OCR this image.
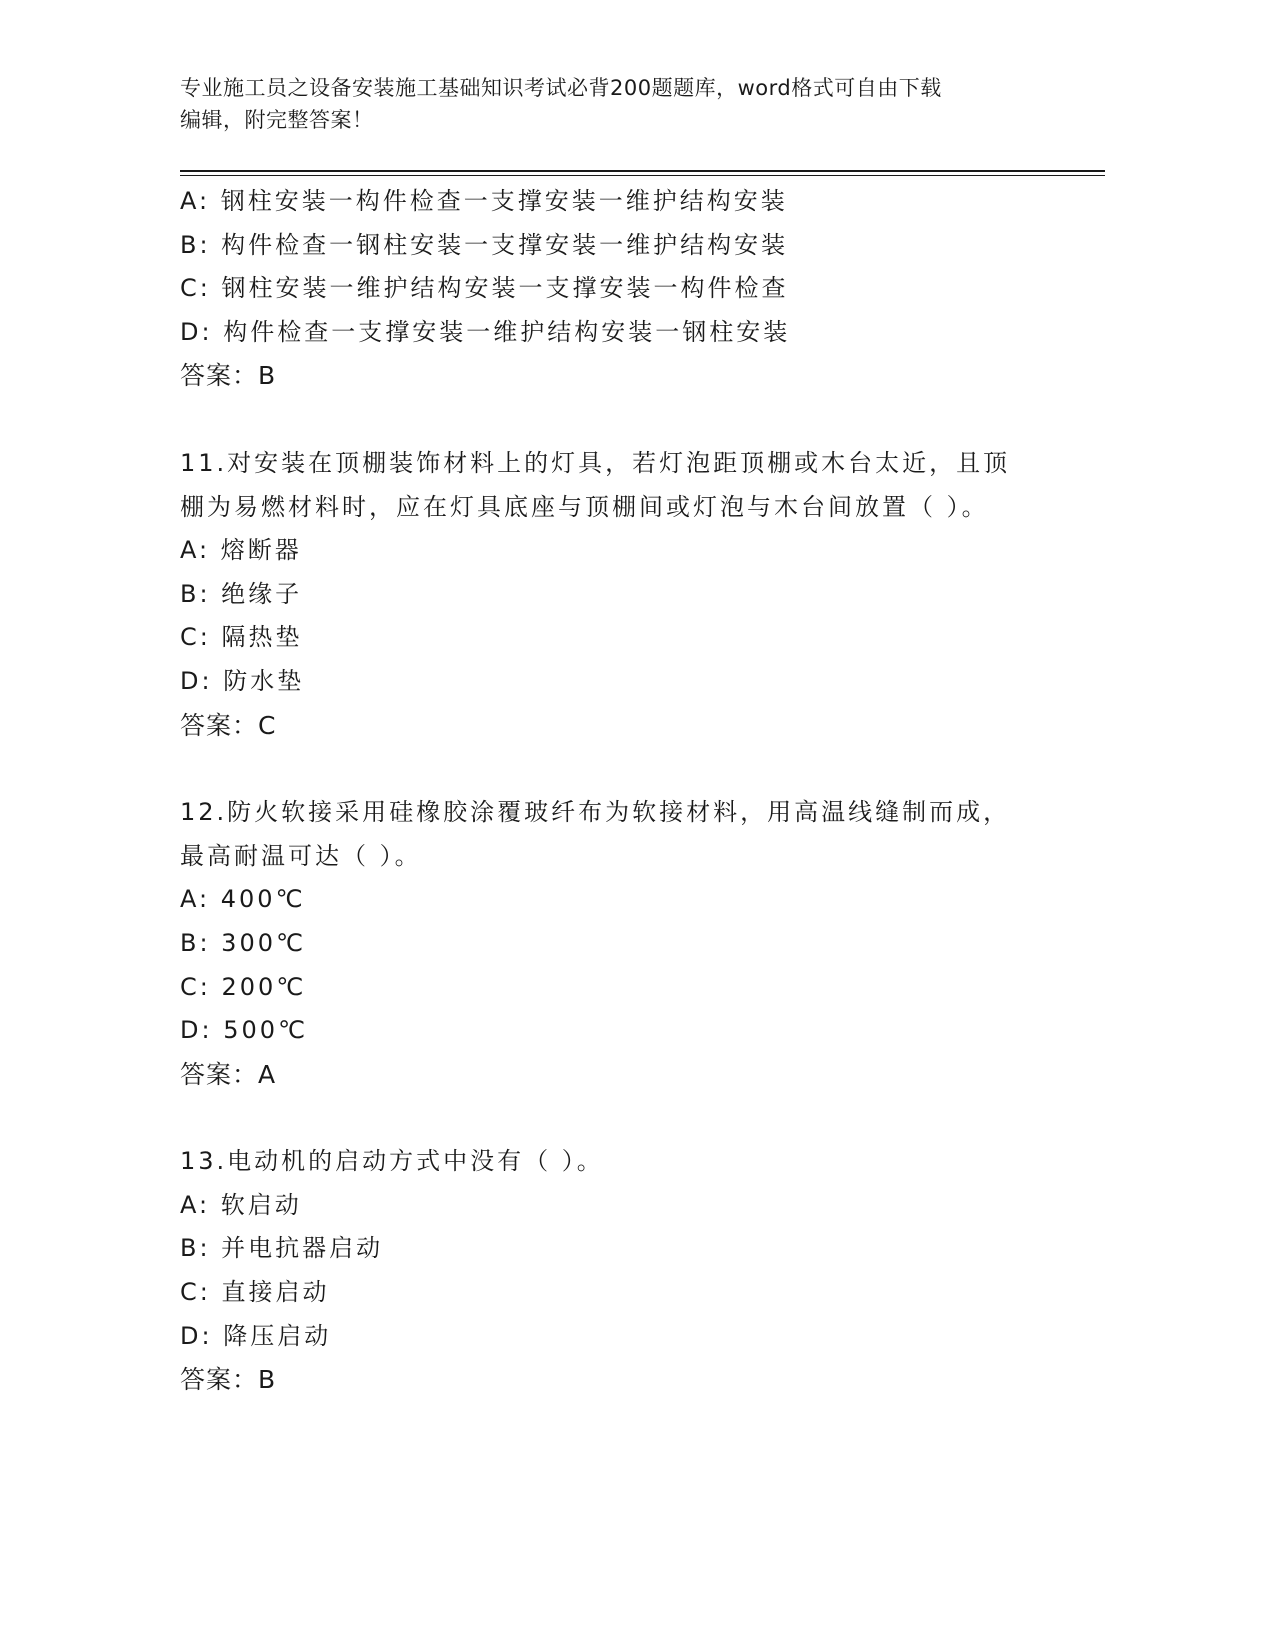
专业施工员之设备安装施工基础知识考试必背200题题库，word格式可自由下载
编辑，附完整答案！
A: 钢柱安装一构件检查一支撑安装一维护结构安装
B: 构件检查一钢柱安装一支撑安装一维护结构安装
C: 钢柱安装一维护结构安装一支撑安装一构件检查
D: 构件检查一支撑安装一维护结构安装一钢柱安装
答案：B
11.对安装在顶棚装饰材料上的灯具，若灯泡距顶棚或木台太近，且顶
棚为易燃材料时，应在灯具底座与顶棚间或灯泡与木台间放置（ ）。
A: 熔断器
B: 绝缘子
C: 隔热垫
D: 防水垫
答案：C
12.防火软接采用硅橡胶涂覆玻纤布为软接材料，用高温线缝制而成，
最高耐温可达（ ）。
A: 400℃
B: 300℃
C: 200℃
D: 500℃
答案：A
13.电动机的启动方式中没有（ ）。
A: 软启动
B: 并电抗器启动
C: 直接启动
D: 降压启动
答案：B
